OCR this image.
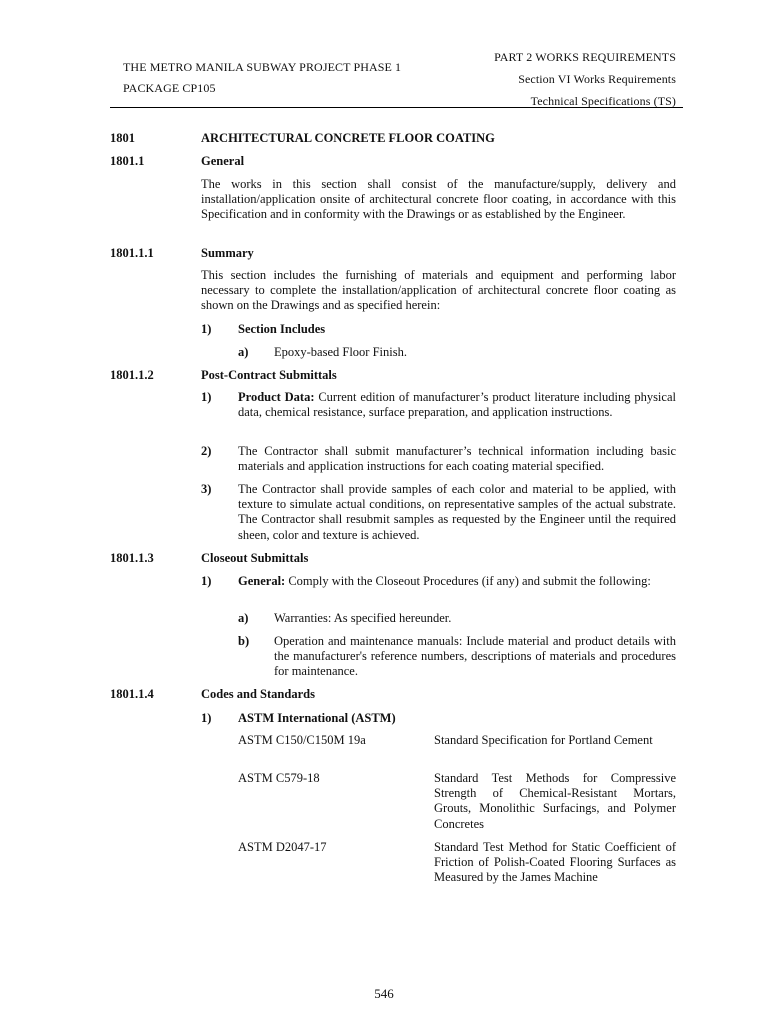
THE METRO MANILA SUBWAY PROJECT PHASE 1
PACKAGE CP105
PART 2 WORKS REQUIREMENTS
Section VI Works Requirements
Technical Specifications (TS)
1801	ARCHITECTURAL CONCRETE FLOOR COATING
1801.1	General
The works in this section shall consist of the manufacture/supply, delivery and installation/application onsite of architectural concrete floor coating, in accordance with this Specification and in conformity with the Drawings or as established by the Engineer.
1801.1.1	Summary
This section includes the furnishing of materials and equipment and performing labor necessary to complete the installation/application of architectural concrete floor coating as shown on the Drawings and as specified herein:
1) Section Includes
a) Epoxy-based Floor Finish.
1801.1.2	Post-Contract Submittals
1) Product Data: Current edition of manufacturer’s product literature including physical data, chemical resistance, surface preparation, and application instructions.
2) The Contractor shall submit manufacturer’s technical information including basic materials and application instructions for each coating material specified.
3) The Contractor shall provide samples of each color and material to be applied, with texture to simulate actual conditions, on representative samples of the actual substrate. The Contractor shall resubmit samples as requested by the Engineer until the required sheen, color and texture is achieved.
1801.1.3	Closeout Submittals
1) General: Comply with the Closeout Procedures (if any) and submit the following:
a) Warranties: As specified hereunder.
b) Operation and maintenance manuals: Include material and product details with the manufacturer's reference numbers, descriptions of materials and procedures for maintenance.
1801.1.4	Codes and Standards
1) ASTM International (ASTM)
ASTM C150/C150M 19a	Standard Specification for Portland Cement
ASTM C579-18	Standard Test Methods for Compressive Strength of Chemical-Resistant Mortars, Grouts, Monolithic Surfacings, and Polymer Concretes
ASTM D2047-17	Standard Test Method for Static Coefficient of Friction of Polish-Coated Flooring Surfaces as Measured by the James Machine
546
